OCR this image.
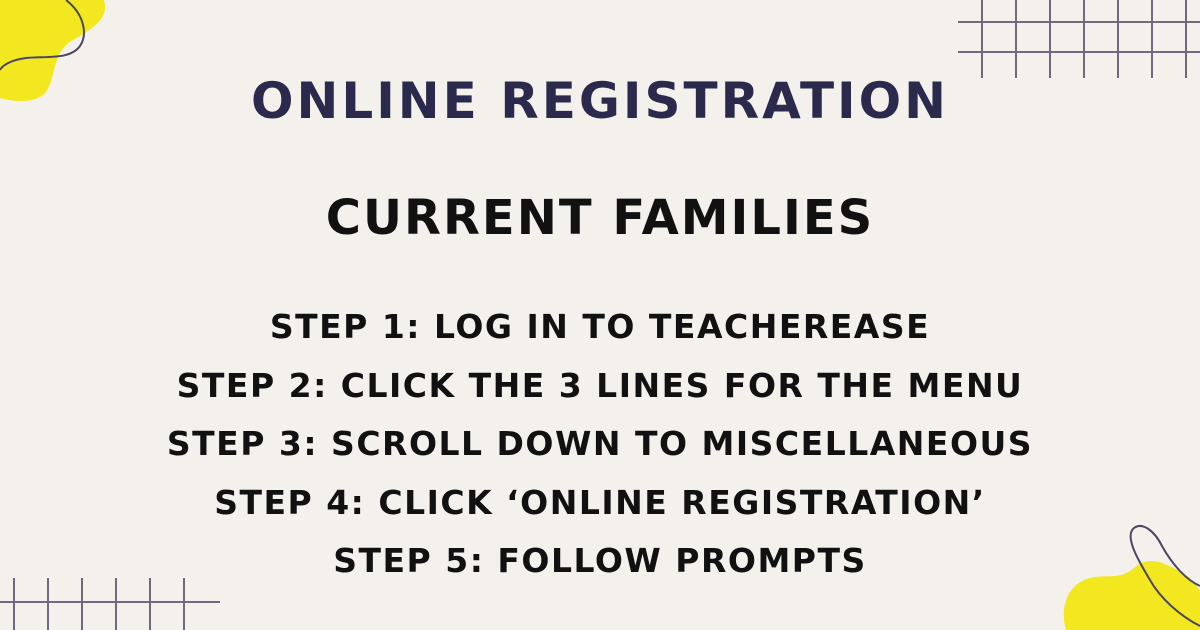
ONLINE REGISTRATION
CURRENT FAMILIES
STEP 1: LOG IN TO TEACHEREASE
STEP 2: CLICK THE 3 LINES FOR THE MENU
STEP 3: SCROLL DOWN TO MISCELLANEOUS
STEP 4: CLICK ‘ONLINE REGISTRATION’
STEP 5: FOLLOW PROMPTS
